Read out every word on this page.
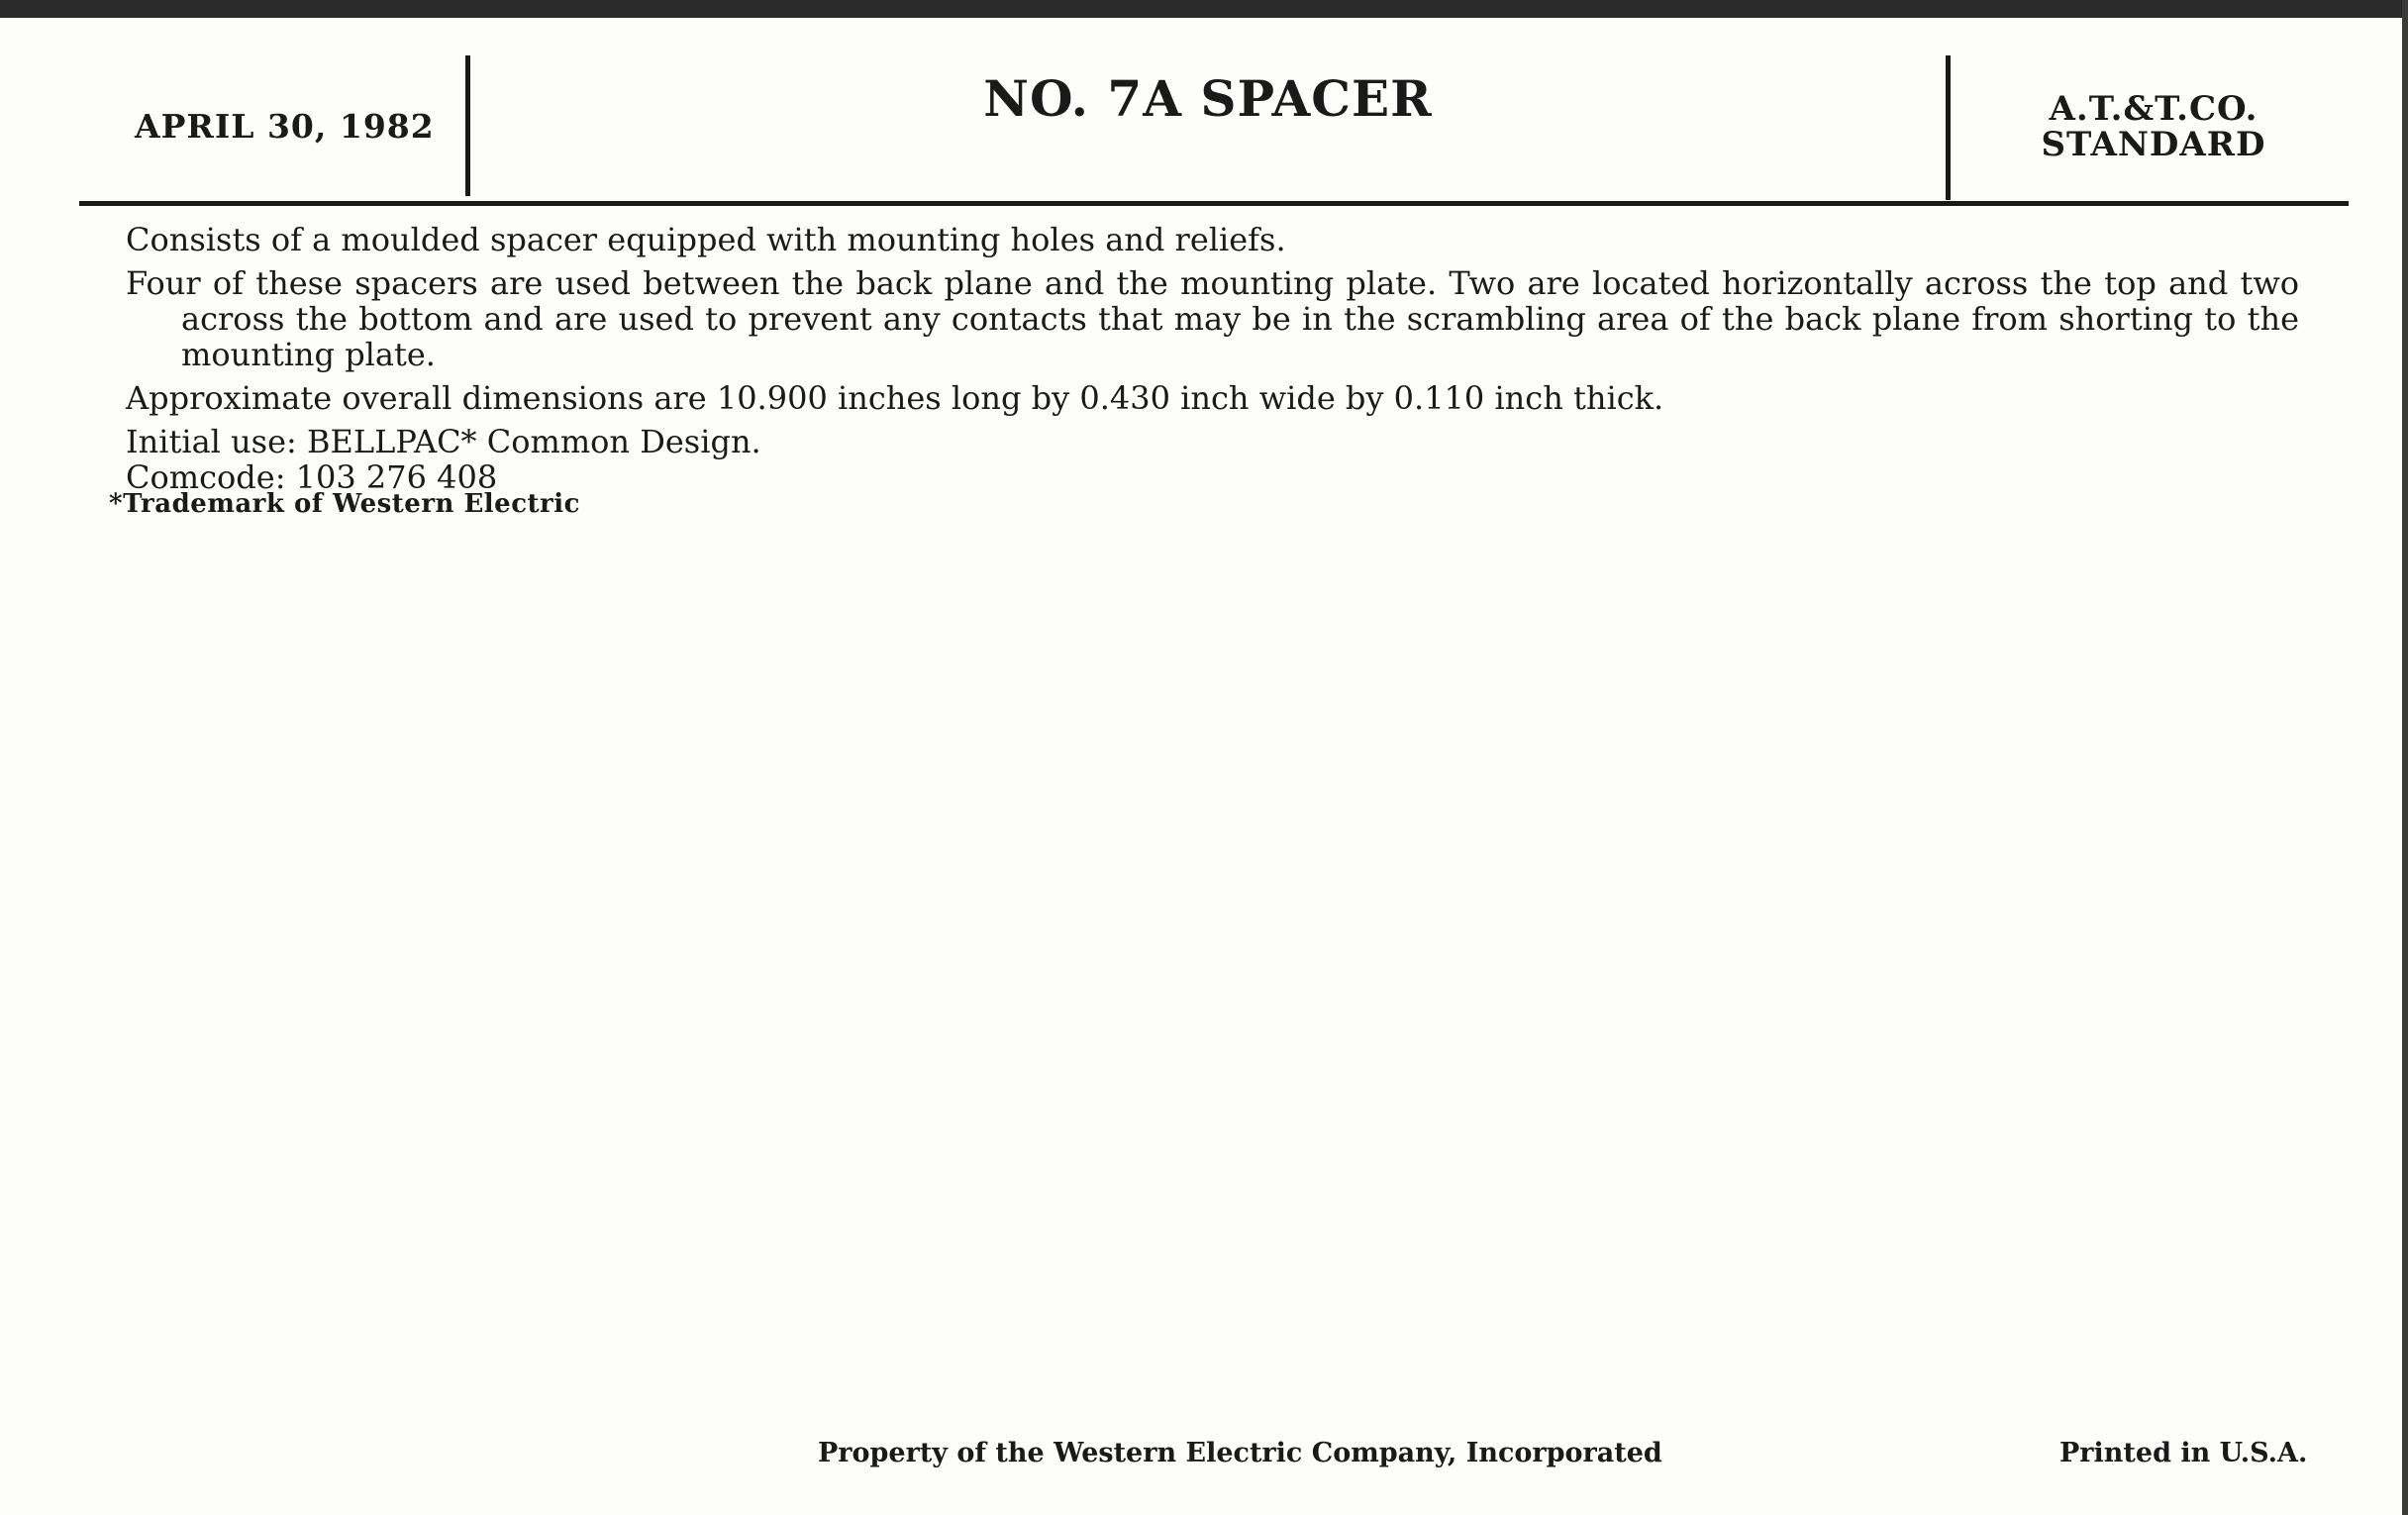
APRIL 30, 1982	NO. 7A SPACER	A.T.&T.CO.
STANDARD

Consists of a moulded spacer equipped with mounting holes and reliefs.

Four of these spacers are used between the back plane and the mounting plate. Two are located horizontally across the top and two across the bottom and are used to prevent any contacts that may be in the scrambling area of the back plane from shorting to the mounting plate.

Approximate overall dimensions are 10.900 inches long by 0.430 inch wide by 0.110 inch thick.

Initial use: BELLPAC* Common Design.

Comcode: 103 276 408

*Trademark of Western Electric
Property of the Western Electric Company, Incorporated	Printed in U.S.A.
